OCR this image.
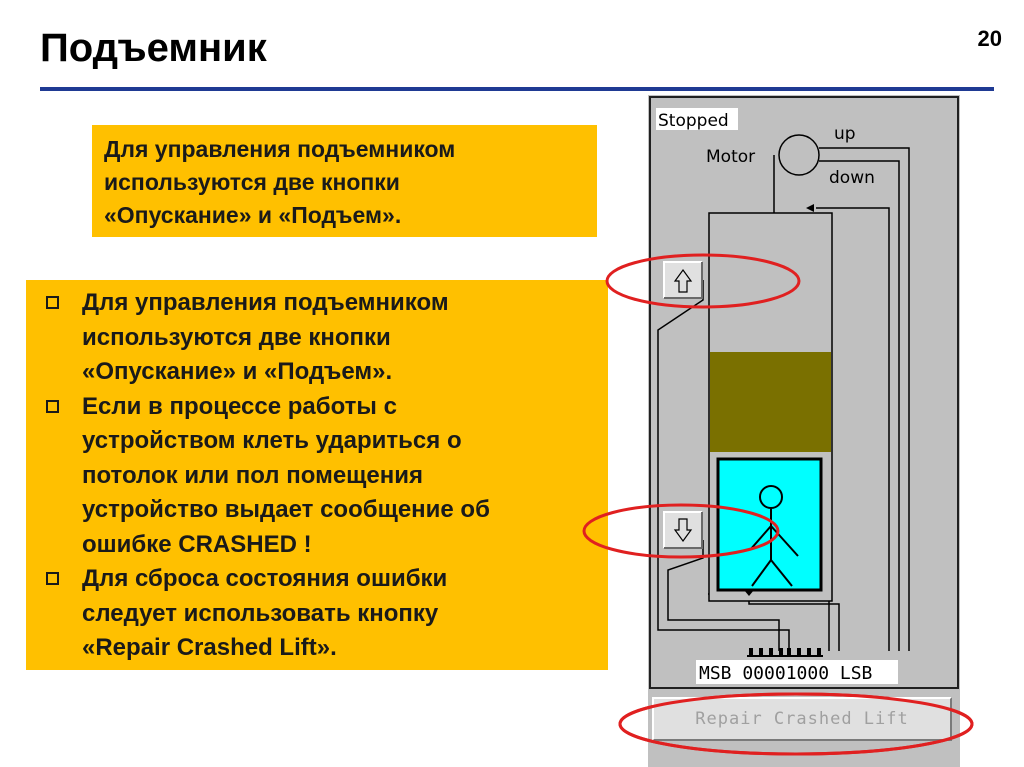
Подъемник	20
Для управления подъемником
используются две кнопки
«Опускание» и «Подъем».
Для управления подъемником
используются две кнопки
«Опускание» и «Подъем».
Если в процессе работы с
устройством клеть удариться о
потолок или пол помещения
устройство выдает сообщение об
ошибке CRASHED !
Для сброса состояния ошибки
следует использовать кнопку
«Repair Crashed Lift».
Stopped
Motor
up
down
MSB 00001000 LSB
Repair Crashed Lift
